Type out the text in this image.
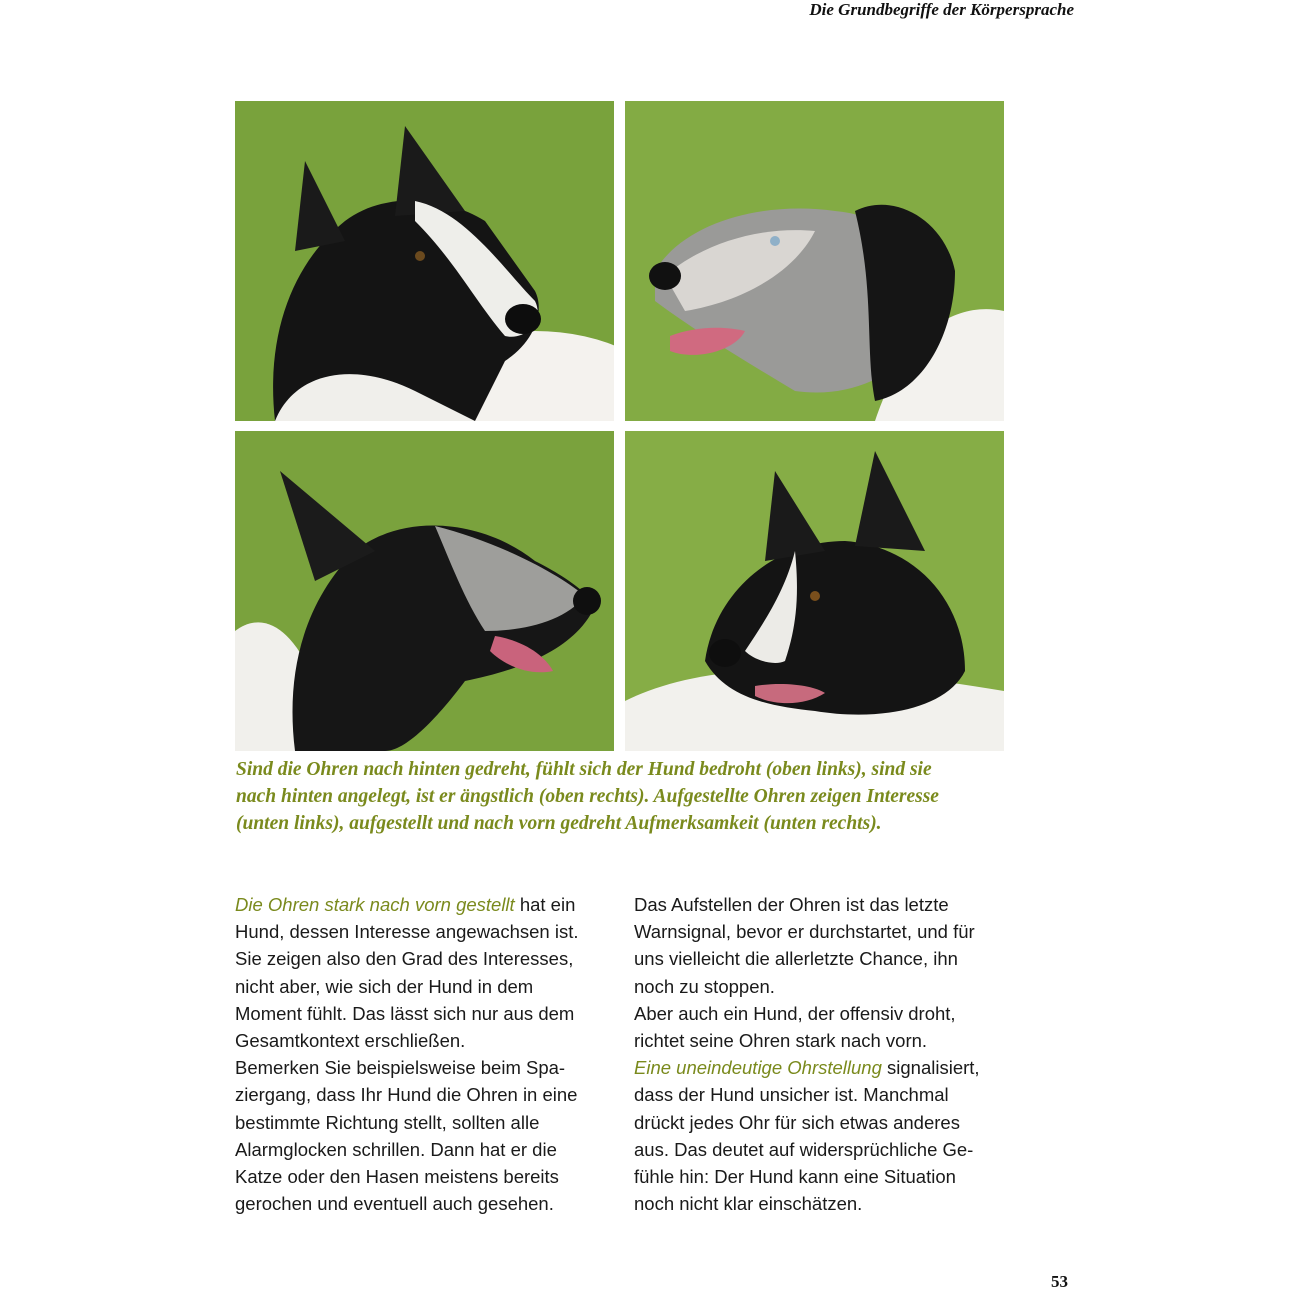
Die Grundbegriffe der Körpersprache

Sind die Ohren nach hinten gedreht, fühlt sich der Hund bedroht (oben links), sind sie

nach hinten angelegt, ist er ängstlich (oben rechts). Aufgestellte Ohren zeigen Interesse

(unten links), aufgestellt und nach vorn gedreht Aufmerksamkeit (unten rechts).

Die Ohren stark nach vorn gestellt hat ein

Hund, dessen Interesse angewachsen ist.

Sie zeigen also den Grad des Interesses,

nicht aber, wie sich der Hund in dem

Moment fühlt. Das lässt sich nur aus dem

Gesamtkontext erschließen.

Bemerken Sie beispielsweise beim Spa-

ziergang, dass Ihr Hund die Ohren in eine

bestimmte Richtung stellt, sollten alle

Alarmglocken schrillen. Dann hat er die

Katze oder den Hasen meistens bereits

gerochen und eventuell auch gesehen.

Das Aufstellen der Ohren ist das letzte

Warnsignal, bevor er durchstartet, und für

uns vielleicht die allerletzte Chance, ihn

noch zu stoppen.

Aber auch ein Hund, der offensiv droht,

richtet seine Ohren stark nach vorn.

Eine uneindeutige Ohrstellung signalisiert,

dass der Hund unsicher ist. Manchmal

drückt jedes Ohr für sich etwas anderes

aus. Das deutet auf widersprüchliche Ge-

fühle hin: Der Hund kann eine Situation

noch nicht klar einschätzen.

53
